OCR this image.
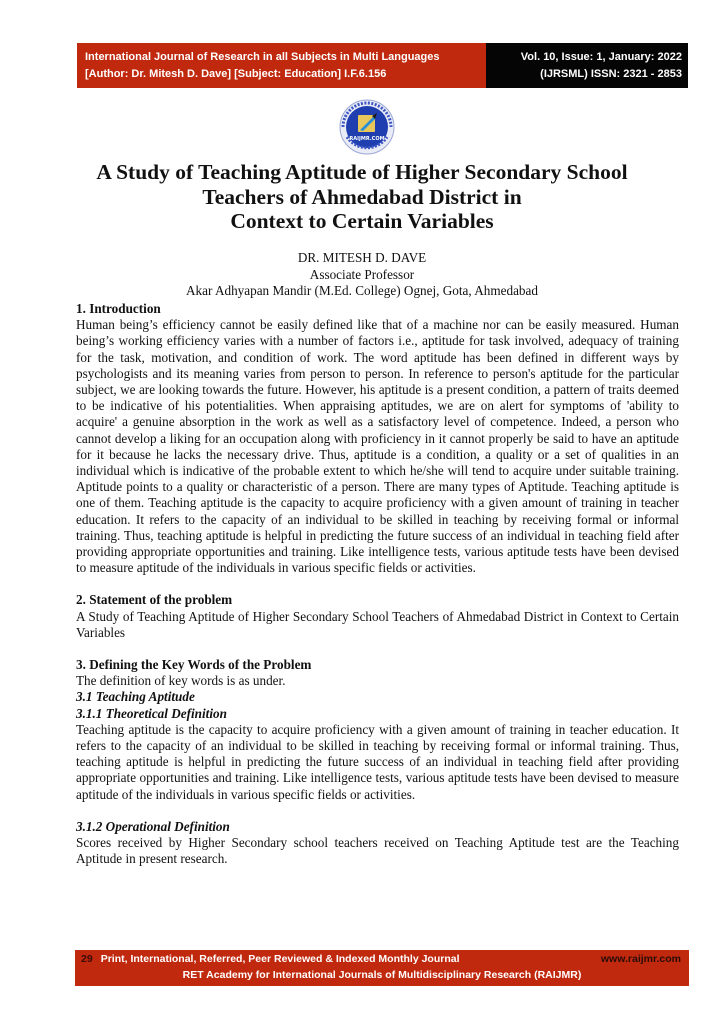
International Journal of Research in all Subjects in Multi Languages
[Author: Dr. Mitesh D. Dave] [Subject: Education] I.F.6.156
Vol. 10, Issue: 1, January: 2022
(IJRSML) ISSN: 2321 - 2853
RAIJMR.COM
A Study of Teaching Aptitude of Higher Secondary School
Teachers of Ahmedabad District in
Context to Certain Variables
DR. MITESH D. DAVE
Associate Professor
Akar Adhyapan Mandir (M.Ed. College) Ognej, Gota, Ahmedabad

1. Introduction

Human being’s efficiency cannot be easily defined like that of a machine nor can be easily measured. Human being’s working efficiency varies with a number of factors i.e., aptitude for task involved, adequacy of training for the task, motivation, and condition of work. The word aptitude has been defined in different ways by psychologists and its meaning varies from person to person. In reference to person's aptitude for the particular subject, we are looking towards the future. However, his aptitude is a present condition, a pattern of traits deemed to be indicative of his potentialities. When appraising aptitudes, we are on alert for symptoms of 'ability to acquire' a genuine absorption in the work as well as a satisfactory level of competence. Indeed, a person who cannot develop a liking for an occupation along with proficiency in it cannot properly be said to have an aptitude for it because he lacks the necessary drive. Thus, aptitude is a condition, a quality or a set of qualities in an individual which is indicative of the probable extent to which he/she will tend to acquire under suitable training. Aptitude points to a quality or characteristic of a person. There are many types of Aptitude. Teaching aptitude is one of them. Teaching aptitude is the capacity to acquire proficiency with a given amount of training in teacher education. It refers to the capacity of an individual to be skilled in teaching by receiving formal or informal training. Thus, teaching aptitude is helpful in predicting the future success of an individual in teaching field after providing appropriate opportunities and training. Like intelligence tests, various aptitude tests have been devised to measure aptitude of the individuals in various specific fields or activities.

2. Statement of the problem

A Study of Teaching Aptitude of Higher Secondary School Teachers of Ahmedabad District in Context to Certain Variables

3. Defining the Key Words of the Problem

The definition of key words is as under.

3.1 Teaching Aptitude

3.1.1 Theoretical Definition

Teaching aptitude is the capacity to acquire proficiency with a given amount of training in teacher education. It refers to the capacity of an individual to be skilled in teaching by receiving formal or informal training. Thus, teaching aptitude is helpful in predicting the future success of an individual in teaching field after providing appropriate opportunities and training. Like intelligence tests, various aptitude tests have been devised to measure aptitude of the individuals in various specific fields or activities.

3.1.2 Operational Definition

Scores received by Higher Secondary school teachers received on Teaching Aptitude test are the Teaching Aptitude in present research.

29 Print, International, Referred, Peer Reviewed & Indexed Monthly Journal	www.raijmr.com
RET Academy for International Journals of Multidisciplinary Research (RAIJMR)
